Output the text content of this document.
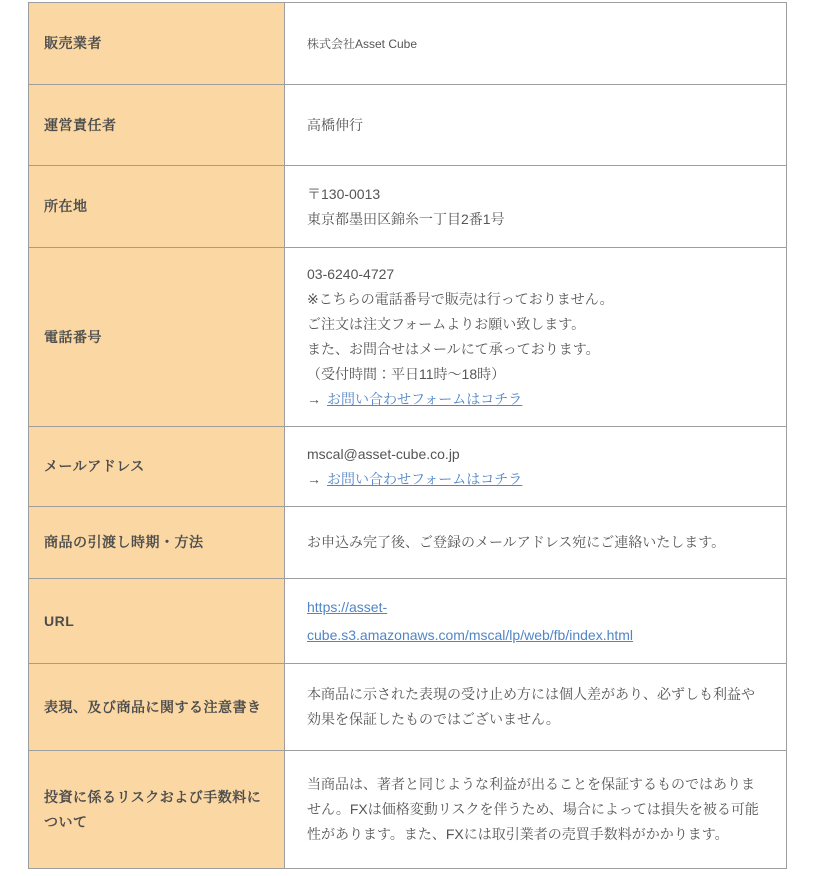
販売業者	株式会社Asset Cube
運営責任者	高橋伸行
所在地	〒130-0013
東京都墨田区錦糸一丁目2番1号

電話番号	
03-6240-4727
※こちらの電話番号で販売は行っておりません。
ご注文は注文フォームよりお願い致します。
また、お問合せはメールにて承っております。
（受付時間：平日11時～18時）
→ お問い合わせフォームはコチラ

メールアドレス	mscal@asset-cube.co.jp
→ お問い合わせフォームはコチラ

商品の引渡し時期・方法	お申込み完了後、ご登録のメールアドレス宛にご連絡いたします。
URL	https://asset-
cube.s3.amazonaws.com/mscal/lp/web/fb/index.html
表現、及び商品に関する注意書き	本商品に示された表現の受け止め方には個人差があり、必ずしも利益や効果を保証したものではございません。
投資に係るリスクおよび手数料について	当商品は、著者と同じような利益が出ることを保証するものではありません。FXは価格変動リスクを伴うため、場合によっては損失を被る可能性があります。また、FXには取引業者の売買手数料がかかります。
